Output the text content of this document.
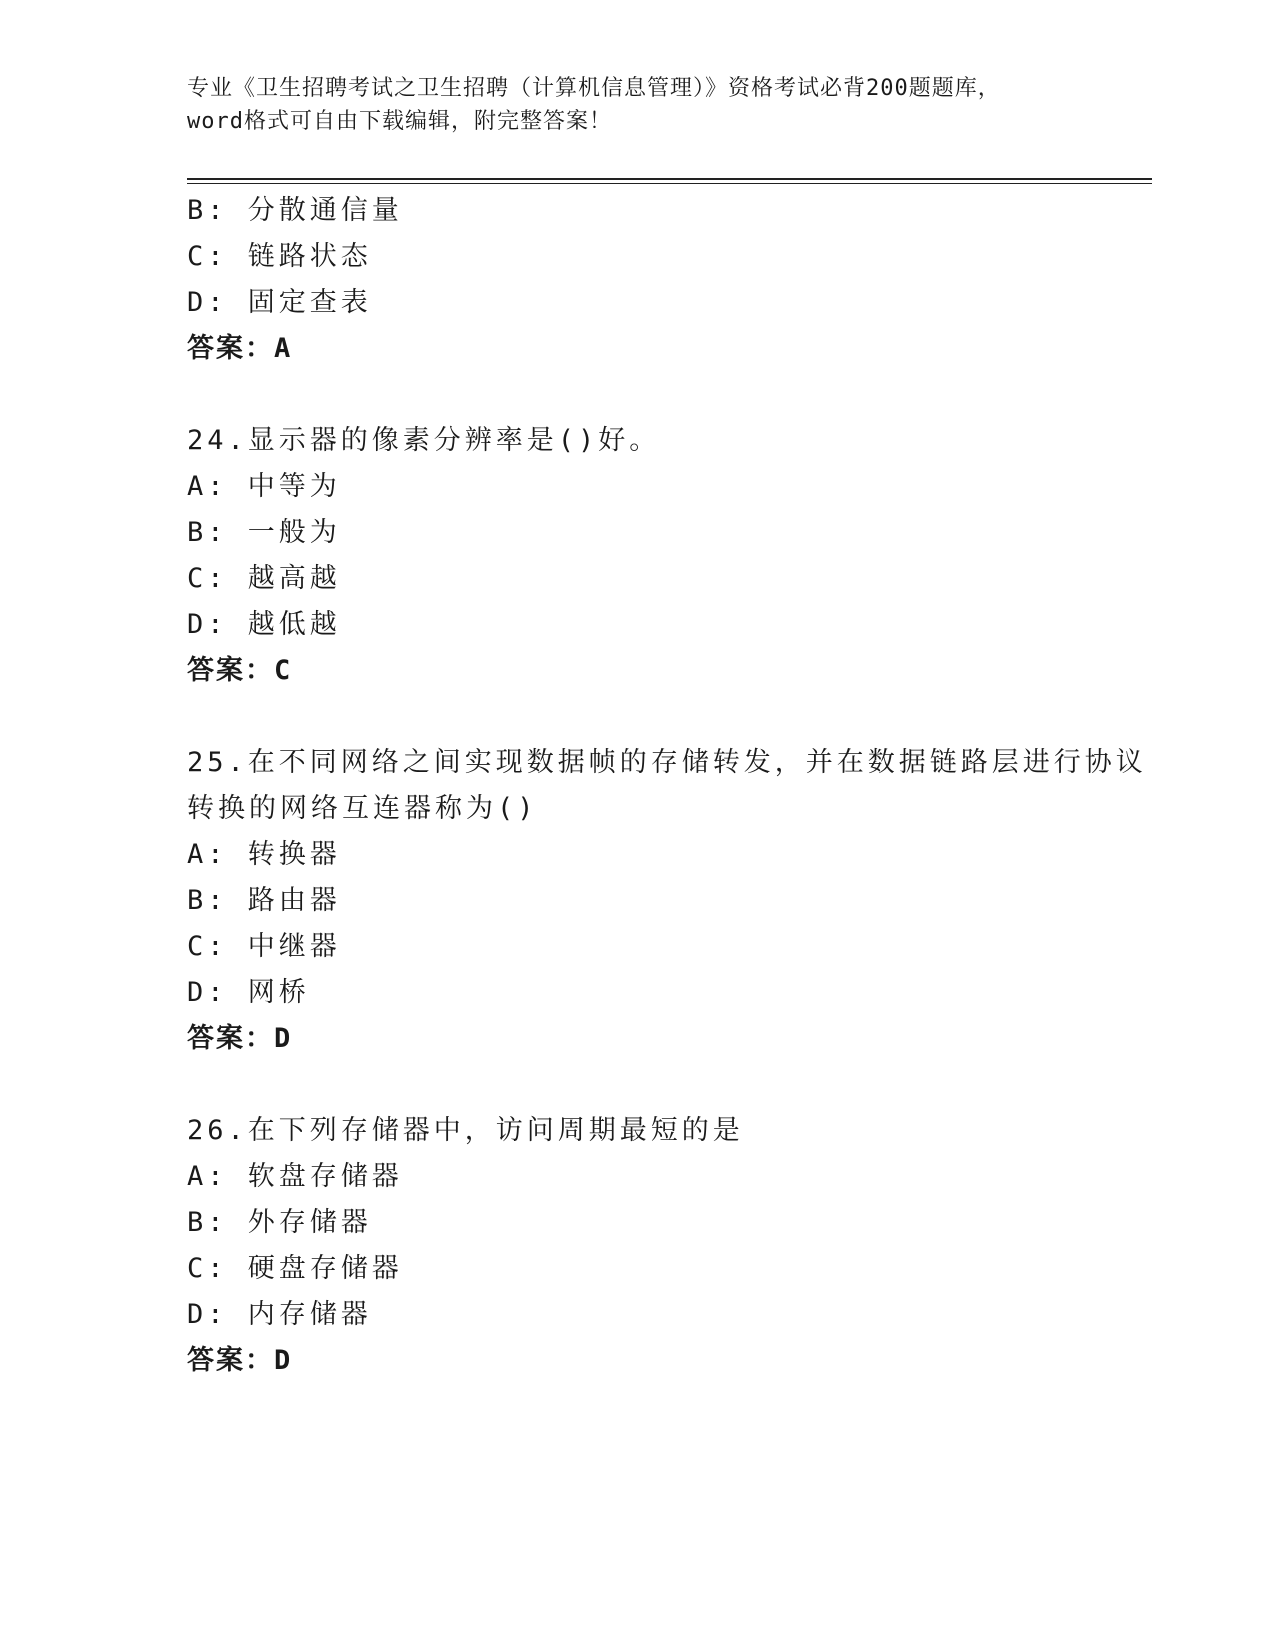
专业《卫生招聘考试之卫生招聘（计算机信息管理）》资格考试必背200题题库，
word格式可自由下载编辑，附完整答案！
B: 分散通信量
C: 链路状态
D: 固定查表
答案：A
24.显示器的像素分辨率是()好。
A: 中等为
B: 一般为
C: 越高越
D: 越低越
答案：C
25.在不同网络之间实现数据帧的存储转发，并在数据链路层进行协议
转换的网络互连器称为()
A: 转换器
B: 路由器
C: 中继器
D: 网桥
答案：D
26.在下列存储器中，访问周期最短的是
A: 软盘存储器
B: 外存储器
C: 硬盘存储器
D: 内存储器
答案：D
